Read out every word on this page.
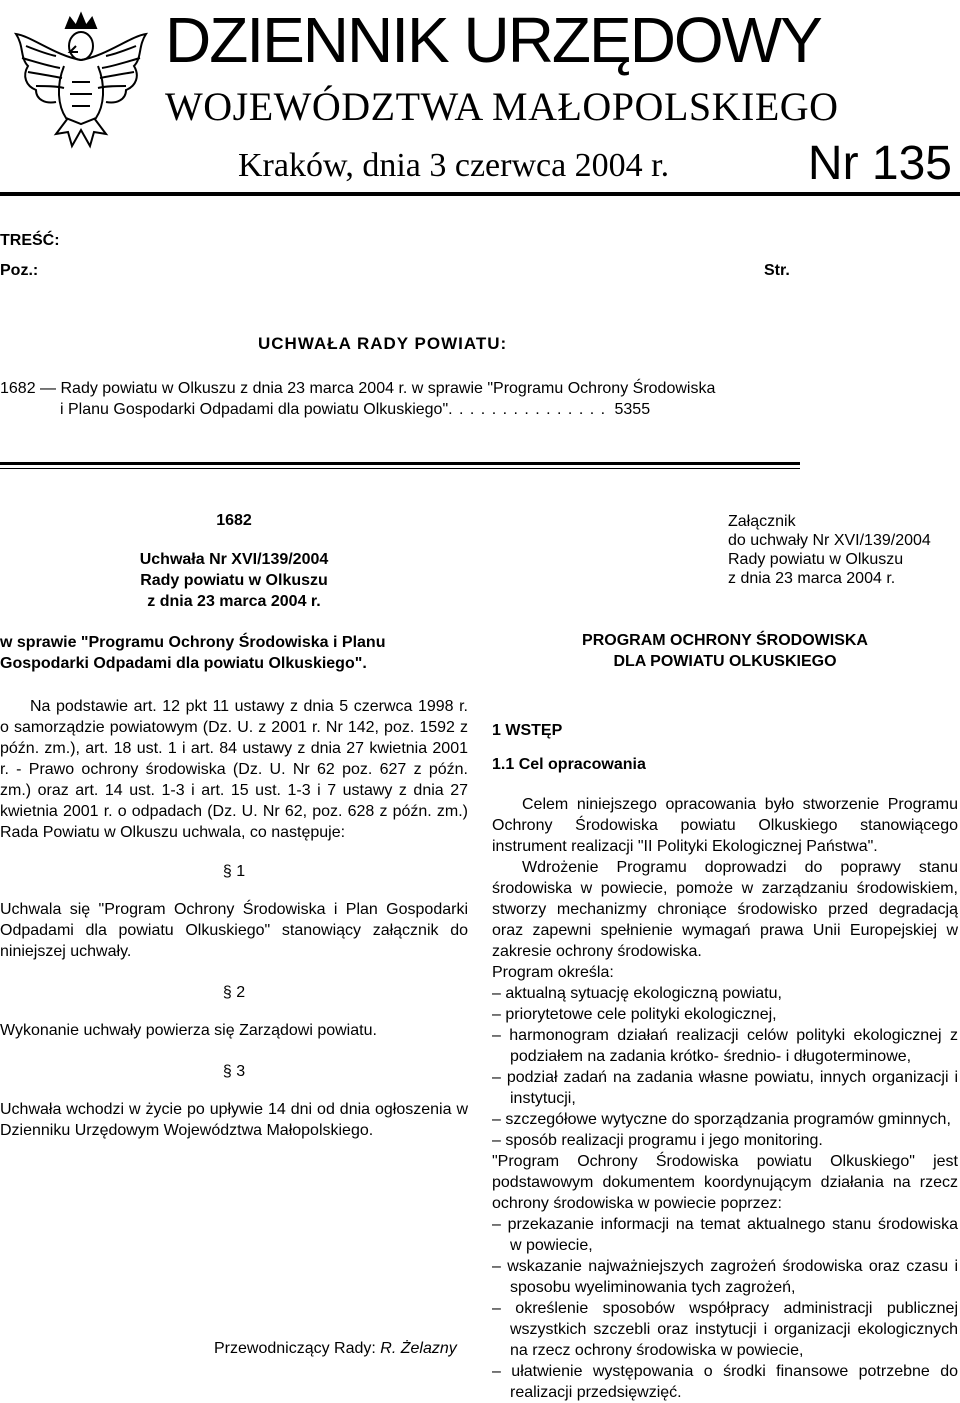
DZIENNIK URZĘDOWY
WOJEWÓDZTWA MAŁOPOLSKIEGO
Kraków, dnia 3 czerwca 2004 r.	Nr 135
TREŚĆ:
Poz.:	Str.
UCHWAŁA RADY POWIATU:
1682 — Rady powiatu w Olkuszu z dnia 23 marca 2004 r. w sprawie "Programu Ochrony Środowiska
i Planu Gospodarki Odpadami dla powiatu Olkuskiego". . . . . . . . . . . . . . . 5355
1682
Uchwała Nr XVI/139/2004
Rady powiatu w Olkuszu
z dnia 23 marca 2004 r.
w sprawie "Programu Ochrony Środowiska i Planu Gospodarki Odpadami dla powiatu Olkuskiego".
Na podstawie art. 12 pkt 11 ustawy z dnia 5 czerwca 1998 r. o samorządzie powiatowym (Dz. U. z 2001 r. Nr 142, poz. 1592 z późn. zm.), art. 18 ust. 1 i art. 84 ustawy z dnia 27 kwietnia 2001 r. - Prawo ochrony środowiska (Dz. U. Nr 62 poz. 627 z późn. zm.) oraz art. 14 ust. 1-3 i art. 15 ust. 1-3 i 7 ustawy z dnia 27 kwietnia 2001 r. o odpadach (Dz. U. Nr 62, poz. 628 z późn. zm.) Rada Powiatu w Olkuszu uchwala, co następuje:
§ 1
Uchwala się "Program Ochrony Środowiska i Plan Gospodarki Odpadami dla powiatu Olkuskiego" stanowiący załącznik do niniejszej uchwały.
§ 2
Wykonanie uchwały powierza się Zarządowi powiatu.
§ 3
Uchwała wchodzi w życie po upływie 14 dni od dnia ogłoszenia w Dzienniku Urzędowym Województwa Małopolskiego.
Przewodniczący Rady: R. Żelazny
Załącznik
do uchwały Nr XVI/139/2004
Rady powiatu w Olkuszu
z dnia 23 marca 2004 r.
PROGRAM OCHRONY ŚRODOWISKA
DLA POWIATU OLKUSKIEGO
1 WSTĘP
1.1 Cel opracowania
Celem niniejszego opracowania było stworzenie Programu Ochrony Środowiska powiatu Olkuskiego stanowiącego instrument realizacji "II Polityki Ekologicznej Państwa".
Wdrożenie Programu doprowadzi do poprawy stanu środowiska w powiecie, pomoże w zarządzaniu środowiskiem, stworzy mechanizmy chroniące środowisko przed degradacją oraz zapewni spełnienie wymagań prawa Unii Europejskiej w zakresie ochrony środowiska.
Program określa:
– aktualną sytuację ekologiczną powiatu,
– priorytetowe cele polityki ekologicznej,
– harmonogram działań realizacji celów polityki ekologicznej z podziałem na zadania krótko- średnio- i długoterminowe,
– podział zadań na zadania własne powiatu, innych organizacji i instytucji,
– szczegółowe wytyczne do sporządzania programów gminnych,
– sposób realizacji programu i jego monitoring.
"Program Ochrony Środowiska powiatu Olkuskiego" jest podstawowym dokumentem koordynującym działania na rzecz ochrony środowiska w powiecie poprzez:
– przekazanie informacji na temat aktualnego stanu środowiska w powiecie,
– wskazanie najważniejszych zagrożeń środowiska oraz czasu i sposobu wyeliminowania tych zagrożeń,
– określenie sposobów współpracy administracji publicznej wszystkich szczebli oraz instytucji i organizacji ekologicznych na rzecz ochrony środowiska w powiecie,
– ułatwienie występowania o środki finansowe potrzebne do realizacji przedsięwzięć.
